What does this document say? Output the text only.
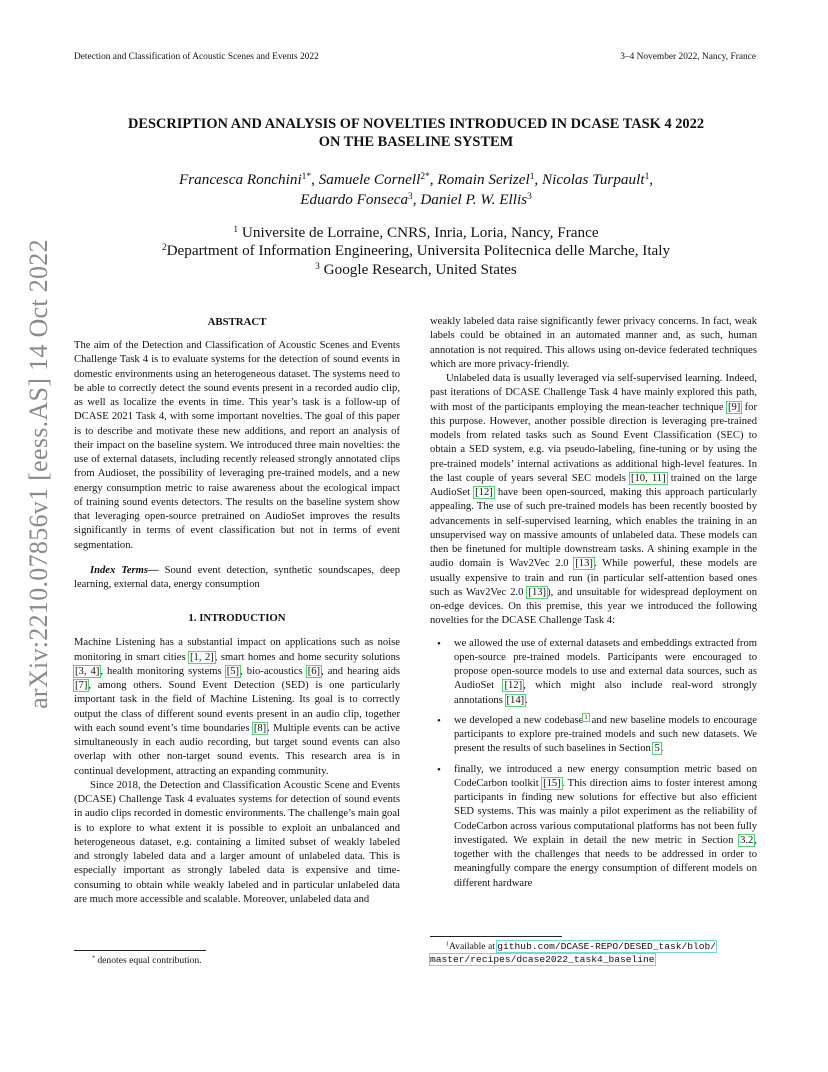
Detection and Classification of Acoustic Scenes and Events 2022	3–4 November 2022, Nancy, France
arXiv:2210.07856v1 [eess.AS] 14 Oct 2022
DESCRIPTION AND ANALYSIS OF NOVELTIES INTRODUCED IN DCASE TASK 4 2022
ON THE BASELINE SYSTEM
Francesca Ronchini$^{1*}$, Samuele Cornell$^{2*}$, Romain Serizel$^1$, Nicolas Turpault$^1$,
Eduardo Fonseca$^3$, Daniel P. W. Ellis$^3$
$^1$ Universite de Lorraine, CNRS, Inria, Loria, Nancy, France
$^2$Department of Information Engineering, Universita Politecnica delle Marche, Italy
$^3$ Google Research, United States

ABSTRACT

The aim of the Detection and Classification of Acoustic Scenes and Events Challenge Task 4 is to evaluate systems for the detection of sound events in domestic environments using an heterogeneous dataset. The systems need to be able to correctly detect the sound events present in a recorded audio clip, as well as localize the events in time. This year’s task is a follow-up of DCASE 2021 Task 4, with some important novelties. The goal of this paper is to describe and motivate these new additions, and report an analysis of their impact on the baseline system. We introduced three main novelties: the use of external datasets, including recently released strongly annotated clips from Audioset, the possibility of leveraging pre-trained models, and a new energy consumption metric to raise awareness about the ecological impact of training sound events detectors. The results on the baseline system show that leveraging open-source pretrained on AudioSet improves the results significantly in terms of event classification but not in terms of event segmentation.

Index Terms— Sound event detection, synthetic soundscapes, deep learning, external data, energy consumption

1. INTRODUCTION

Machine Listening has a substantial impact on applications such as noise monitoring in smart cities [1, 2], smart homes and home security solutions [3, 4], health monitoring systems [5], bio-acoustics [6], and hearing aids [7], among others. Sound Event Detection (SED) is one particularly important task in the field of Machine Listening. Its goal is to correctly output the class of different sound events present in an audio clip, together with each sound event’s time boundaries [8]. Multiple events can be active simultaneously in each audio recording, but target sound events can also overlap with other non-target sound events. This research area is in continual development, attracting an expanding community.

Since 2018, the Detection and Classification Acoustic Scene and Events (DCASE) Challenge Task 4 evaluates systems for detection of sound events in audio clips recorded in domestic environments. The challenge’s main goal is to explore to what extent it is possible to exploit an unbalanced and heterogeneous dataset, e.g. containing a limited subset of weakly labeled and strongly labeled data and a larger amount of unlabeled data. This is especially important as strongly labeled data is expensive and time-consuming to obtain while weakly labeled and in particular unlabeled data are much more accessible and scalable. Moreover, unlabeled data and

weakly labeled data raise significantly fewer privacy concerns. In fact, weak labels could be obtained in an automated manner and, as such, human annotation is not required. This allows using on-device federated techniques which are more privacy-friendly.

Unlabeled data is usually leveraged via self-supervised learning. Indeed, past iterations of DCASE Challenge Task 4 have mainly explored this path, with most of the participants employing the mean-teacher technique [9] for this purpose. However, another possible direction is leveraging pre-trained models from related tasks such as Sound Event Classification (SEC) to obtain a SED system, e.g. via pseudo-labeling, fine-tuning or by using the pre-trained models’ internal activations as additional high-level features. In the last couple of years several SEC models [10, 11] trained on the large AudioSet [12] have been open-sourced, making this approach particularly appealing. The use of such pre-trained models has been recently boosted by advancements in self-supervised learning, which enables the training in an unsupervised way on massive amounts of unlabeled data. These models can then be finetuned for multiple downstream tasks. A shining example in the audio domain is Wav2Vec 2.0 [13]. While powerful, these models are usually expensive to train and run (in particular self-attention based ones such as Wav2Vec 2.0 [13]), and unsuitable for widespread deployment on on-edge devices. On this premise, this year we introduced the following novelties for the DCASE Challenge Task 4:

• we allowed the use of external datasets and embeddings extracted from open-source pre-trained models. Participants were encouraged to propose open-source models to use and external data sources, such as AudioSet [12], which might also include real-word strongly annotations [14].
• we developed a new codebase$^1$ and new baseline models to encourage participants to explore pre-trained models and such new datasets. We present the results of such baselines in Section 5.
• finally, we introduced a new energy consumption metric based on CodeCarbon toolkit [15]. This direction aims to foster interest among participants in finding new solutions for effective but also efficient SED systems. This was mainly a pilot experiment as the reliability of CodeCarbon across various computational platforms has not been fully investigated. We explain in detail the new metric in Section 3.2, together with the challenges that needs to be addressed in order to meaningfully compare the energy consumption of different models on different hardware
* denotes equal contribution.
$^1$Available at github.com/DCASE-REPO/DESED_task/blob/
master/recipes/dcase2022_task4_baseline
